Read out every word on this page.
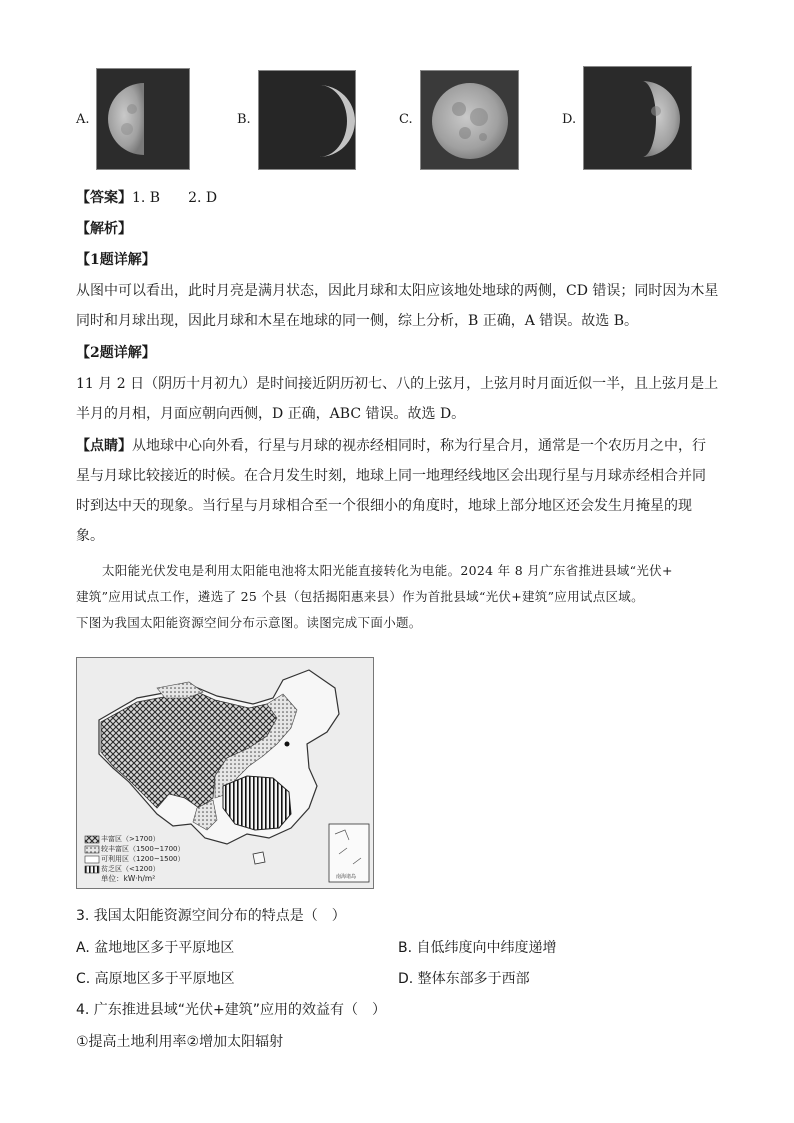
A.	B.	C.	D.
【答案】1. B　　2. D
【解析】
【1题详解】
从图中可以看出，此时月亮是满月状态，因此月球和太阳应该地处地球的两侧，CD 错误；同时因为木星
同时和月球出现，因此月球和木星在地球的同一侧，综上分析，B 正确，A 错误。故选 B。
【2题详解】
11 月 2 日（阴历十月初九）是时间接近阴历初七、八的上弦月，上弦月时月面近似一半，且上弦月是上
半月的月相，月面应朝向西侧，D 正确，ABC 错误。故选 D。
【点睛】从地球中心向外看，行星与月球的视赤经相同时，称为行星合月，通常是一个农历月之中，行
星与月球比较接近的时候。在合月发生时刻，地球上同一地理经线地区会出现行星与月球赤经相合并同
时到达中天的现象。当行星与月球相合至一个很细小的角度时，地球上部分地区还会发生月掩星的现
象。
太阳能光伏发电是利用太阳能电池将太阳光能直接转化为电能。2024 年 8 月广东省推进县域“光伏+
建筑”应用试点工作，遴选了 25 个县（包括揭阳惠来县）作为首批县域“光伏+建筑”应用试点区域。
下图为我国太阳能资源空间分布示意图。读图完成下面小题。
丰富区（>1700）
较丰富区（1500~1700）
可利用区（1200~1500）
贫乏区（<1200）
单位：kW·h/m²	南海诸岛
3. 我国太阳能资源空间分布的特点是（　）
A. 盆地地区多于平原地区	B. 自低纬度向中纬度递增
C. 高原地区多于平原地区	D. 整体东部多于西部
4. 广东推进县域“光伏+建筑”应用的效益有（　）
①提高土地利用率②增加太阳辐射
